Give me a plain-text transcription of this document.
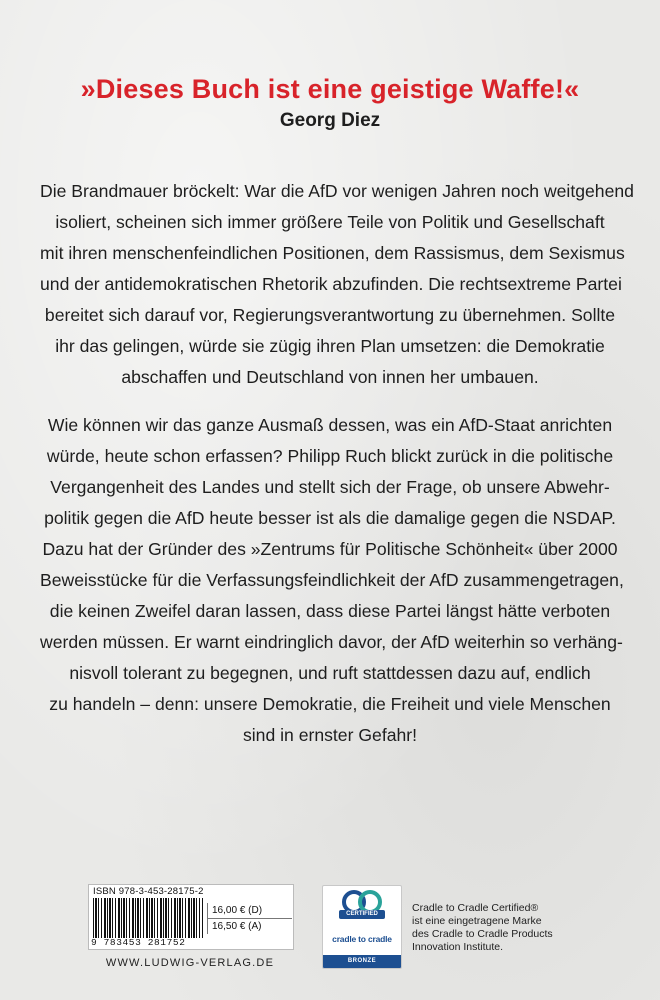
»Dieses Buch ist eine geistige Waffe!«
Georg Diez
Die Brandmauer bröckelt: War die AfD vor wenigen Jahren noch weitgehend
isoliert, scheinen sich immer größere Teile von Politik und Gesellschaft
mit ihren menschenfeindlichen Positionen, dem Rassismus, dem Sexismus
und der antidemokratischen Rhetorik abzufinden. Die rechtsextreme Partei
bereitet sich darauf vor, Regierungsverantwortung zu übernehmen. Sollte
ihr das gelingen, würde sie zügig ihren Plan umsetzen: die Demokratie
abschaffen und Deutschland von innen her umbauen.
Wie können wir das ganze Ausmaß dessen, was ein AfD-Staat anrichten
würde, heute schon erfassen? Philipp Ruch blickt zurück in die politische
Vergangenheit des Landes und stellt sich der Frage, ob unsere Abwehr-
politik gegen die AfD heute besser ist als die damalige gegen die NSDAP.
Dazu hat der Gründer des »Zentrums für Politische Schönheit« über 2000
Beweisstücke für die Verfassungsfeindlichkeit der AfD zusammengetragen,
die keinen Zweifel daran lassen, dass diese Partei längst hätte verboten
werden müssen. Er warnt eindringlich davor, der AfD weiterhin so verhäng-
nisvoll tolerant zu begegnen, und ruft stattdessen dazu auf, endlich
zu handeln – denn: unsere Demokratie, die Freiheit und viele Menschen
sind in ernster Gefahr!
ISBN 978-3-453-28175-2
9 783453 281752
16,00 € (D)
16,50 € (A)
WWW.LUDWIG-VERLAG.DE
CERTIFIED
cradle to cradle
BRONZE
Cradle to Cradle Certified®
ist eine eingetragene Marke
des Cradle to Cradle Products
Innovation Institute.
